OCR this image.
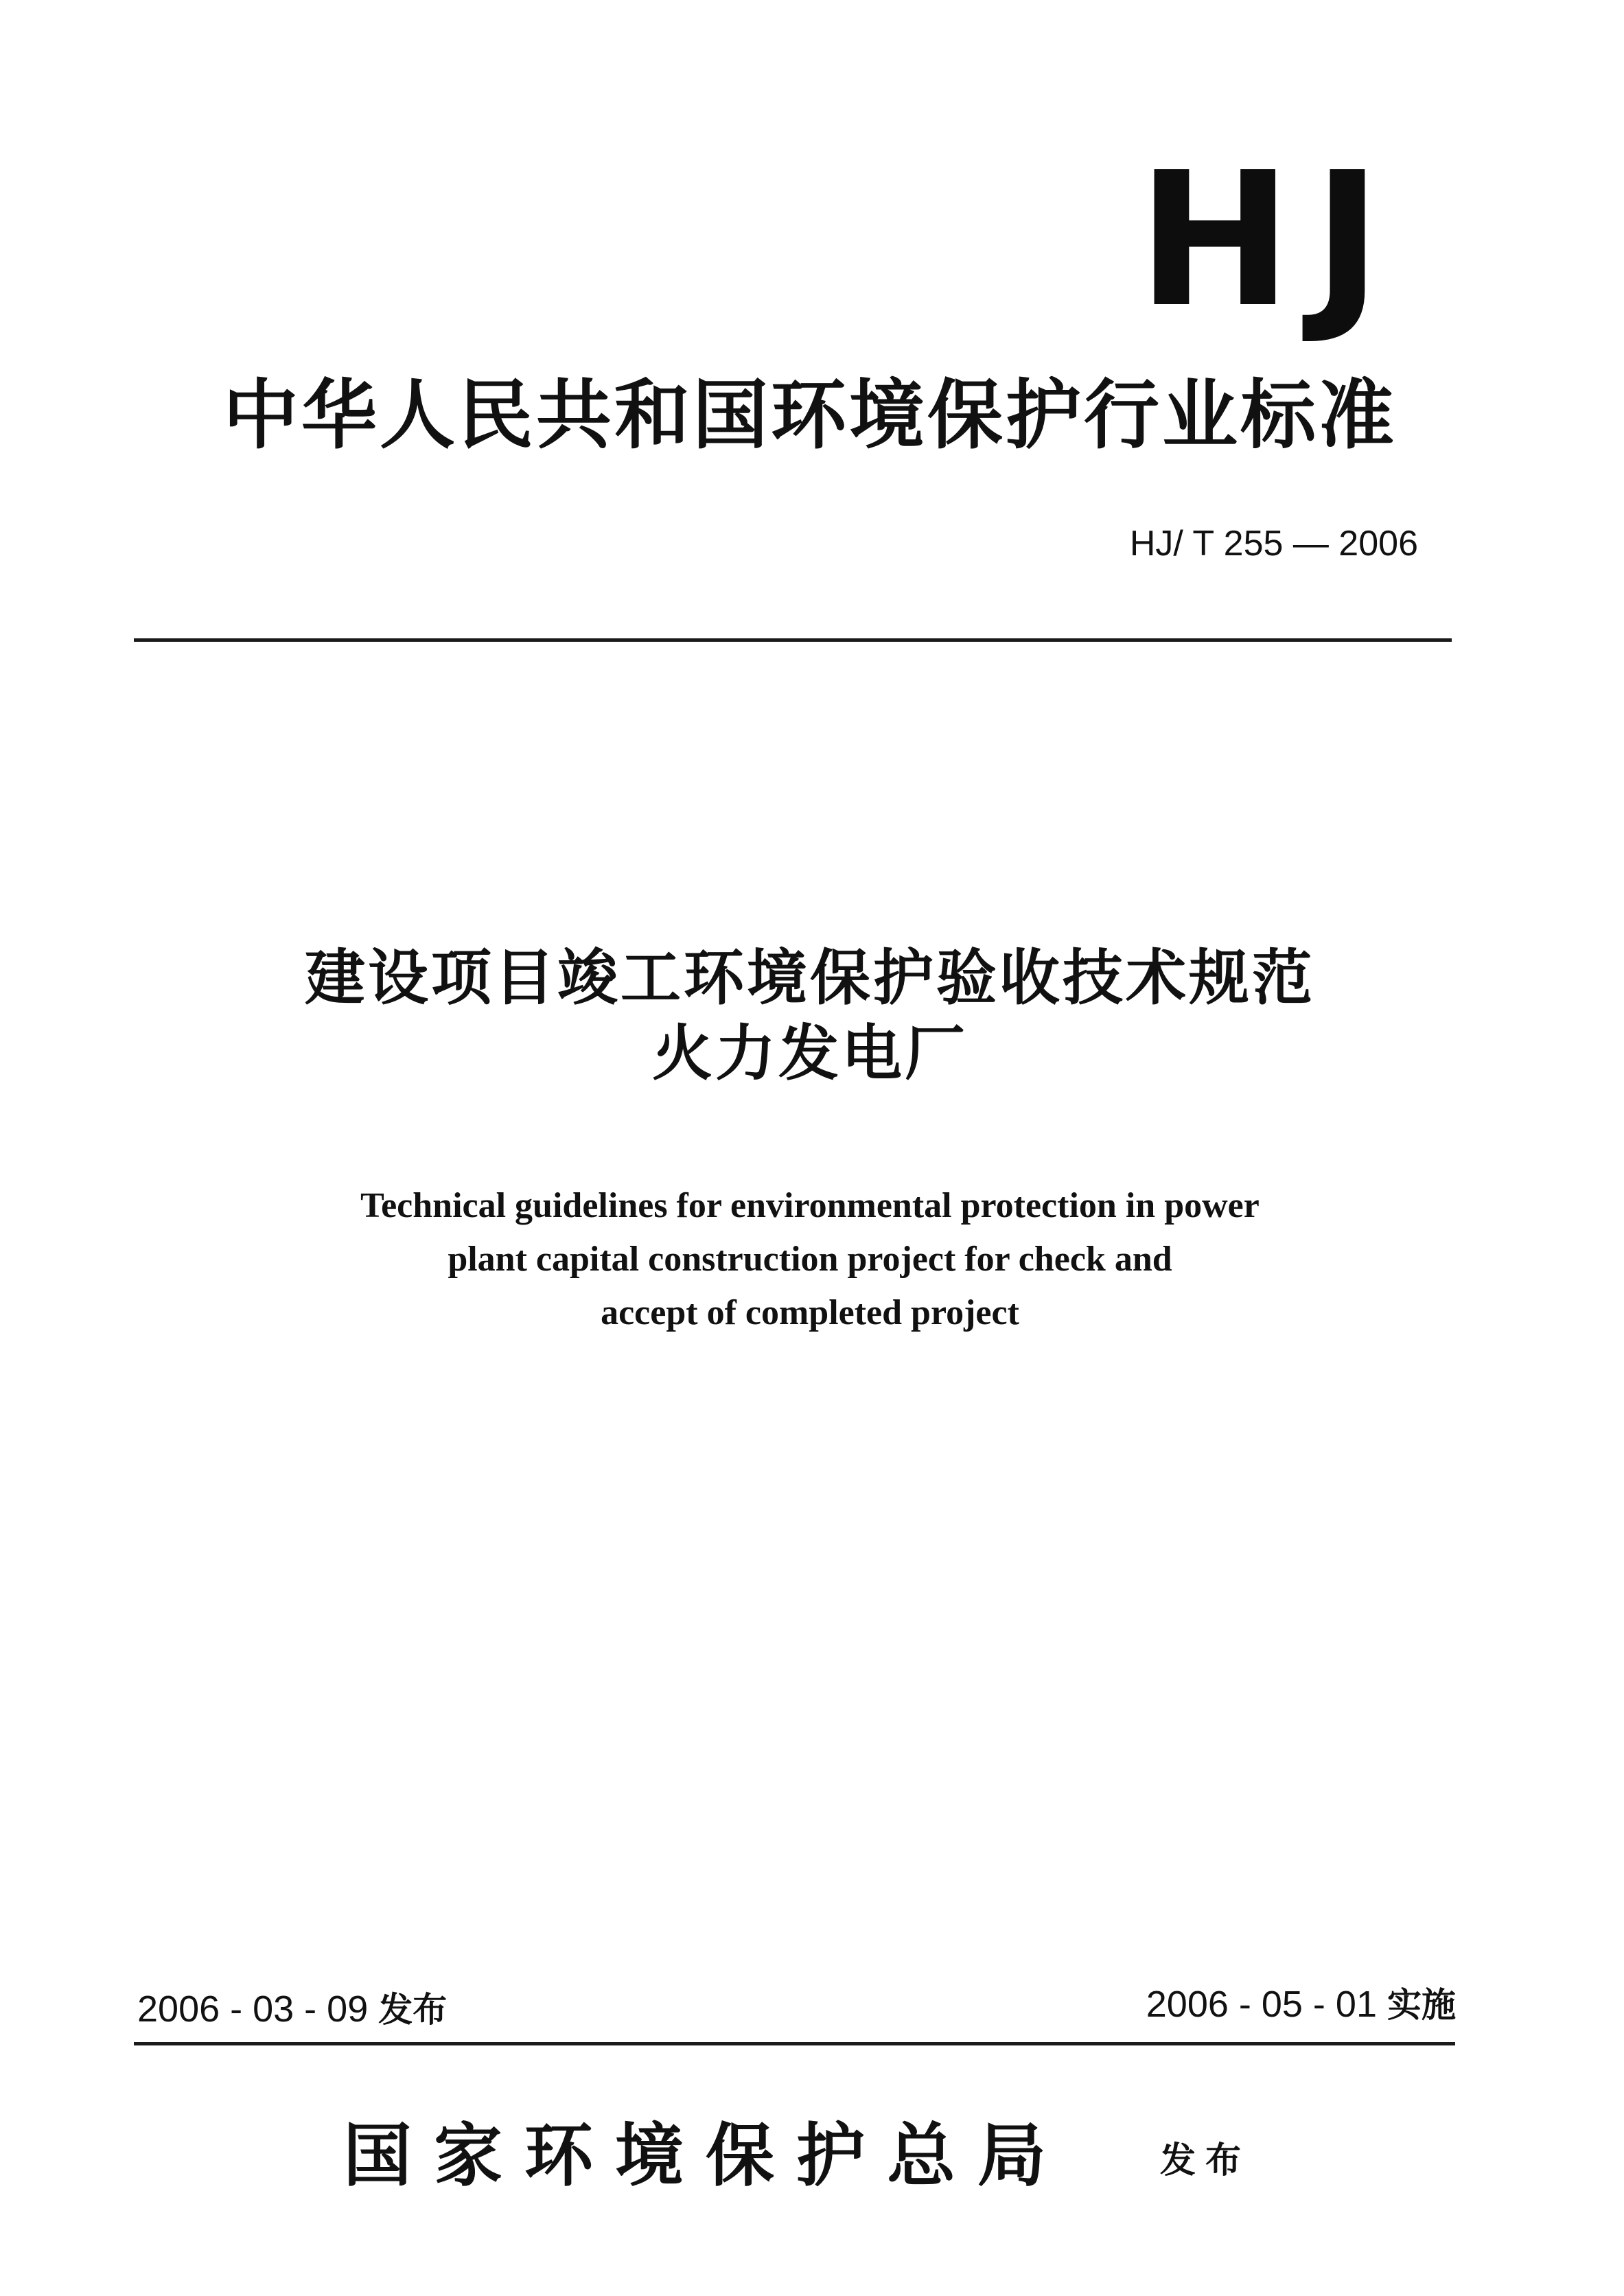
HJ
中华人民共和国环境保护行业标准
HJ/ T 255 — 2006
建设项目竣工环境保护验收技术规范
火力发电厂
Technical guidelines for environmental protection in power
plant capital construction project for check and
accept of completed project
2006 - 03 - 09 发布	2006 - 05 - 01 实施
国家环境保护总局	发布
